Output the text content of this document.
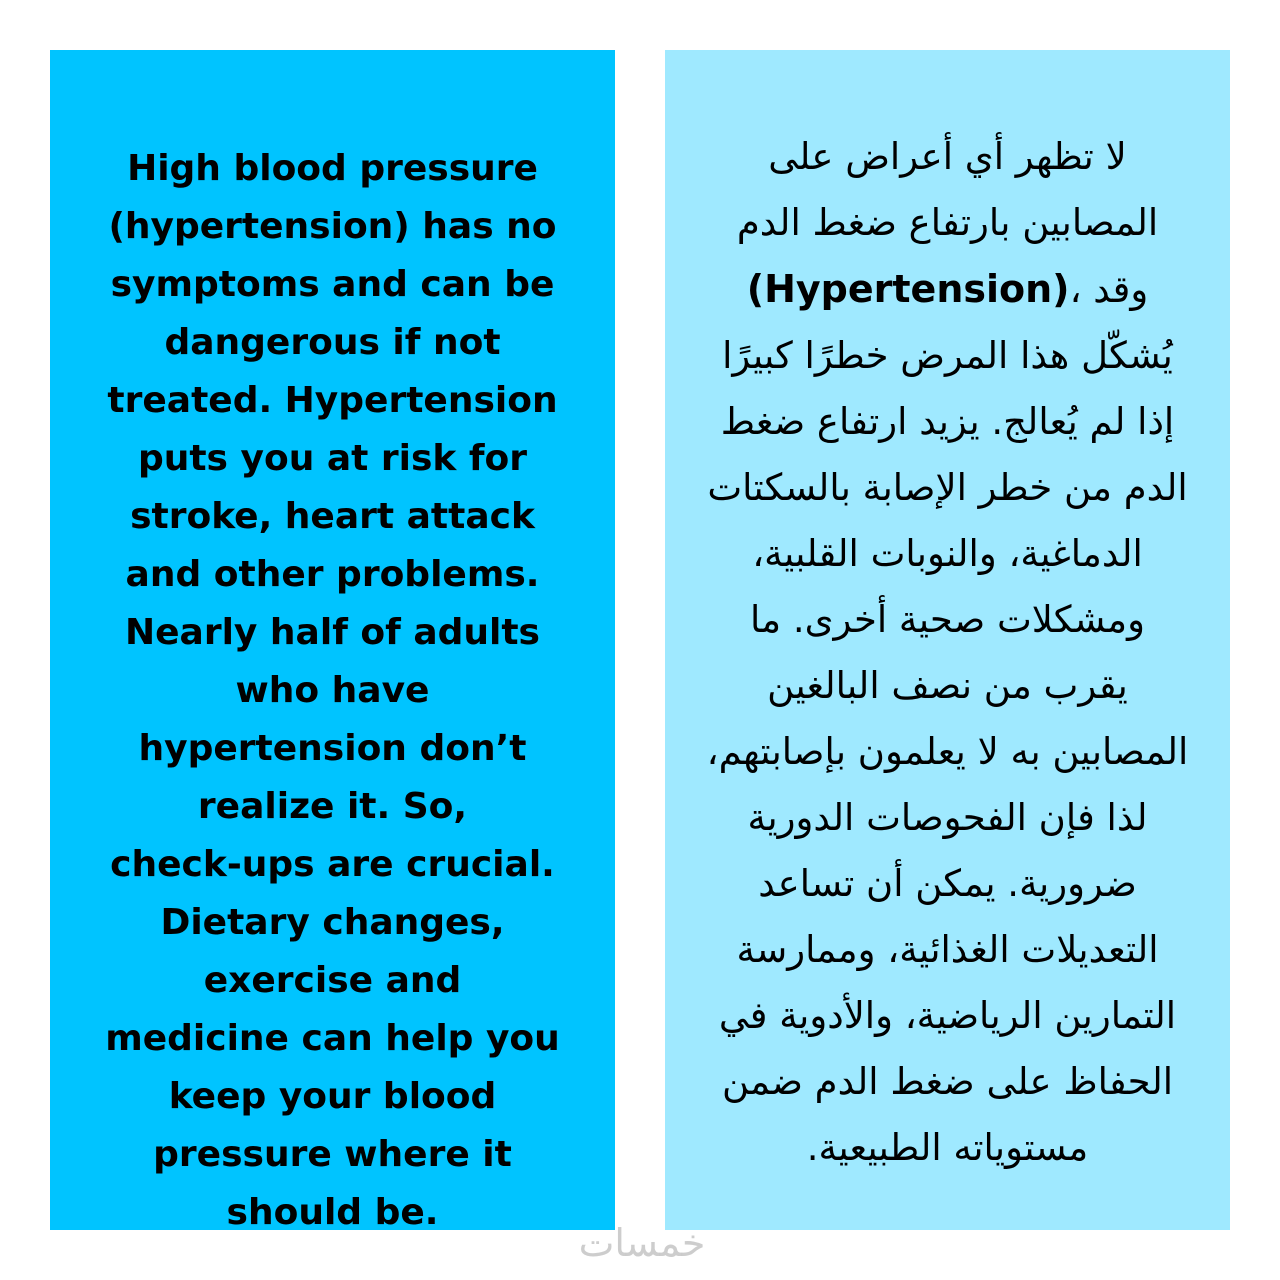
High blood pressure
(hypertension) has no
symptoms and can be
dangerous if not
treated. Hypertension
puts you at risk for
stroke, heart attack
and other problems.
Nearly half of adults
who have
hypertension don’t
realize it. So,
check-ups are crucial.
Dietary changes,
exercise and
medicine can help you
keep your blood
pressure where it
should be.

لا تظهر أي أعراض على
المصابين بارتفاع ضغط الدم
وقد ،(Hypertension)
يُشكّل هذا المرض خطرًا كبيرًا
إذا لم يُعالج. يزيد ارتفاع ضغط
الدم من خطر الإصابة بالسكتات
الدماغية، والنوبات القلبية،
ومشكلات صحية أخرى. ما
يقرب من نصف البالغين
المصابين به لا يعلمون بإصابتهم،
لذا فإن الفحوصات الدورية
ضرورية. يمكن أن تساعد
التعديلات الغذائية، وممارسة
التمارين الرياضية، والأدوية في
الحفاظ على ضغط الدم ضمن
مستوياته الطبيعية.

خمسات
